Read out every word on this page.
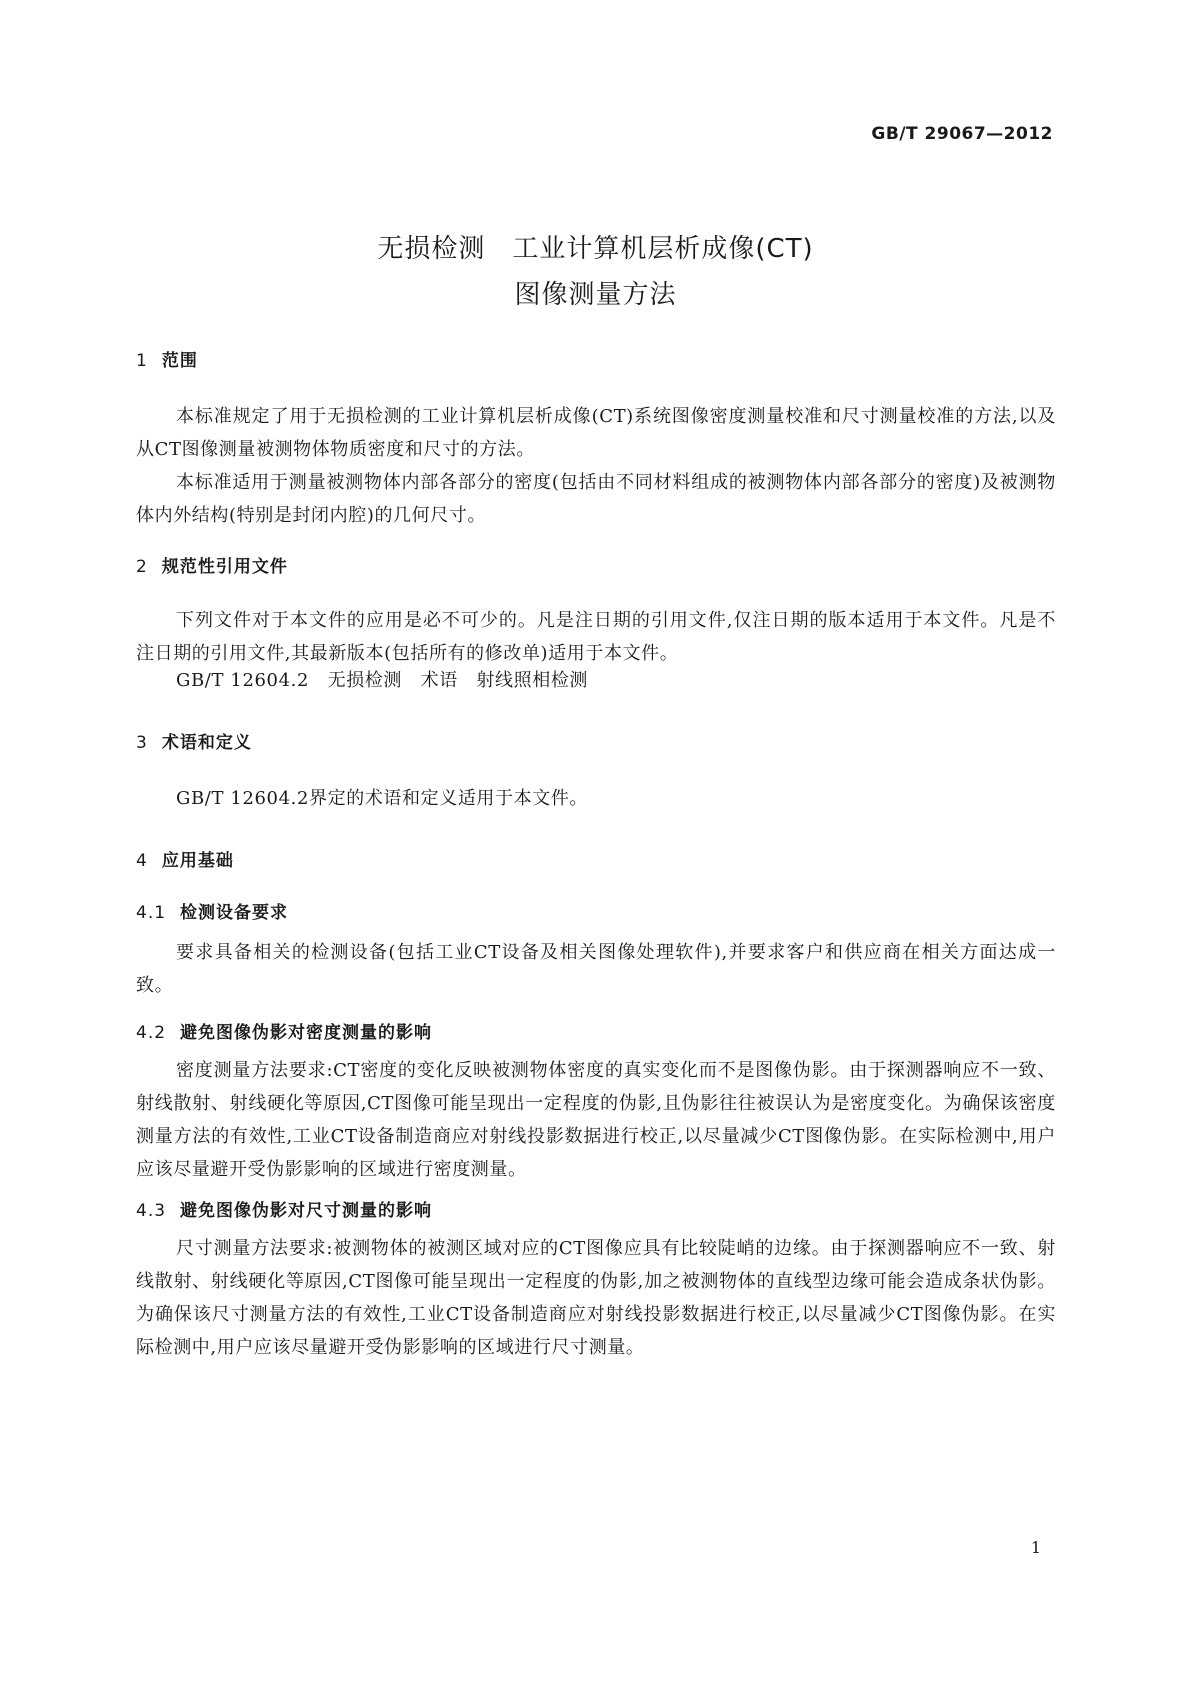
GB/T 29067—2012
无损检测　工业计算机层析成像(CT)
图像测量方法
1 范围
本标准规定了用于无损检测的工业计算机层析成像(CT)系统图像密度测量校准和尺寸测量校准的方法,以及从CT图像测量被测物体物质密度和尺寸的方法。
本标准适用于测量被测物体内部各部分的密度(包括由不同材料组成的被测物体内部各部分的密度)及被测物体内外结构(特别是封闭内腔)的几何尺寸。
2 规范性引用文件
下列文件对于本文件的应用是必不可少的。凡是注日期的引用文件,仅注日期的版本适用于本文件。凡是不注日期的引用文件,其最新版本(包括所有的修改单)适用于本文件。
GB/T 12604.2　无损检测　术语　射线照相检测
3 术语和定义
GB/T 12604.2界定的术语和定义适用于本文件。
4 应用基础
4.1 检测设备要求
要求具备相关的检测设备(包括工业CT设备及相关图像处理软件),并要求客户和供应商在相关方面达成一致。
4.2 避免图像伪影对密度测量的影响
密度测量方法要求:CT密度的变化反映被测物体密度的真实变化而不是图像伪影。由于探测器响应不一致、射线散射、射线硬化等原因,CT图像可能呈现出一定程度的伪影,且伪影往往被误认为是密度变化。为确保该密度测量方法的有效性,工业CT设备制造商应对射线投影数据进行校正,以尽量减少CT图像伪影。在实际检测中,用户应该尽量避开受伪影影响的区域进行密度测量。
4.3 避免图像伪影对尺寸测量的影响
尺寸测量方法要求:被测物体的被测区域对应的CT图像应具有比较陡峭的边缘。由于探测器响应不一致、射线散射、射线硬化等原因,CT图像可能呈现出一定程度的伪影,加之被测物体的直线型边缘可能会造成条状伪影。为确保该尺寸测量方法的有效性,工业CT设备制造商应对射线投影数据进行校正,以尽量减少CT图像伪影。在实际检测中,用户应该尽量避开受伪影影响的区域进行尺寸测量。
1
